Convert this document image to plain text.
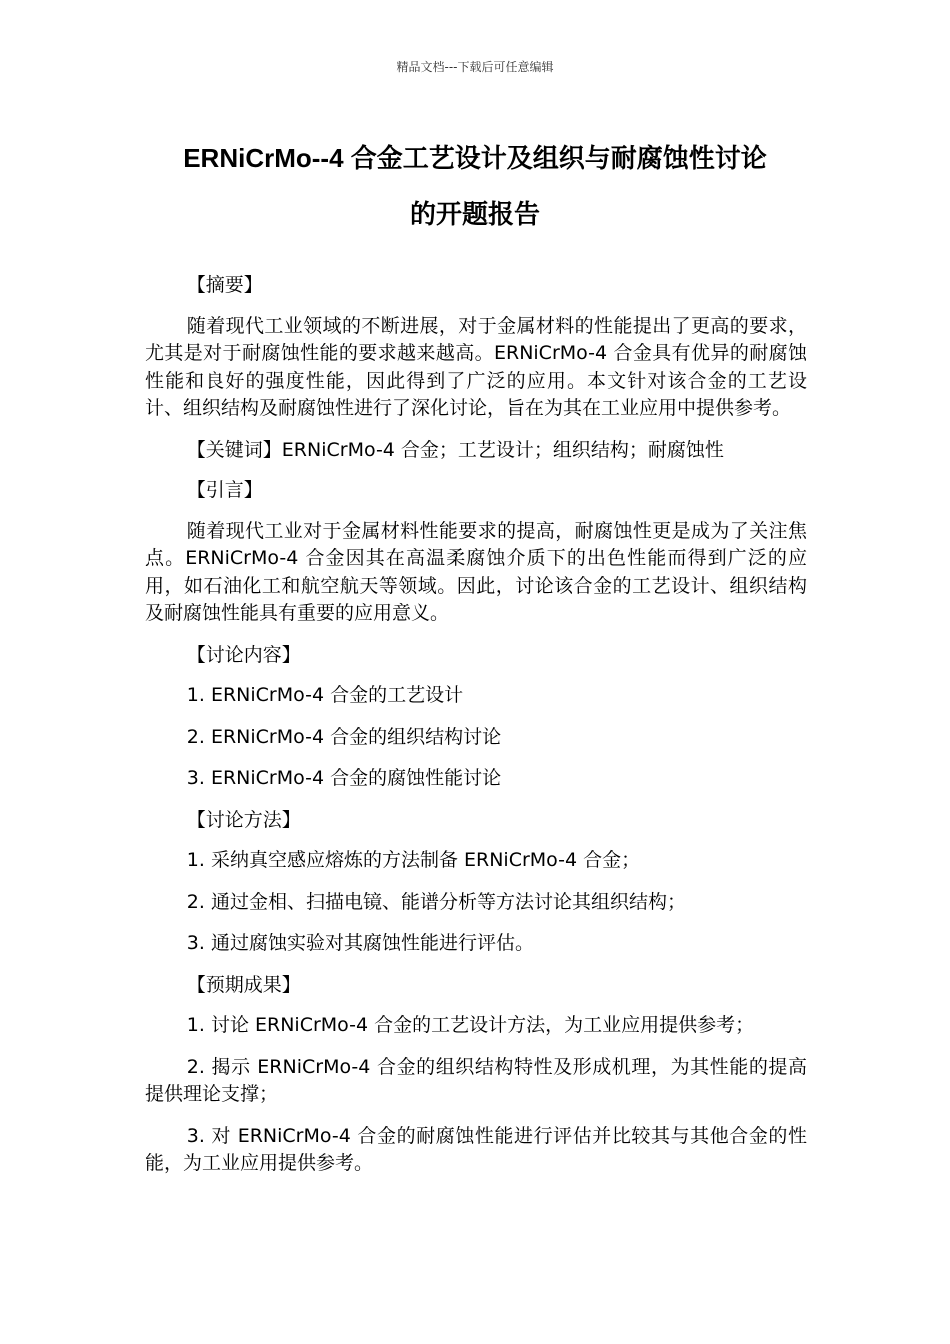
精品文档---下载后可任意编辑
ERNiCrMo--4 合金工艺设计及组织与耐腐蚀性讨论
的开题报告

【摘要】

随着现代工业领域的不断进展，对于金属材料的性能提出了更高的要求，尤其是对于耐腐蚀性能的要求越来越高。ERNiCrMo-4 合金具有优异的耐腐蚀性能和良好的强度性能，因此得到了广泛的应用。本文针对该合金的工艺设计、组织结构及耐腐蚀性进行了深化讨论，旨在为其在工业应用中提供参考。

【关键词】ERNiCrMo-4 合金；工艺设计；组织结构；耐腐蚀性

【引言】

随着现代工业对于金属材料性能要求的提高，耐腐蚀性更是成为了关注焦点。ERNiCrMo-4 合金因其在高温柔腐蚀介质下的出色性能而得到广泛的应用，如石油化工和航空航天等领域。因此，讨论该合金的工艺设计、组织结构及耐腐蚀性能具有重要的应用意义。

【讨论内容】

1. ERNiCrMo-4 合金的工艺设计

2. ERNiCrMo-4 合金的组织结构讨论

3. ERNiCrMo-4 合金的腐蚀性能讨论

【讨论方法】

1. 采纳真空感应熔炼的方法制备 ERNiCrMo-4 合金；

2. 通过金相、扫描电镜、能谱分析等方法讨论其组织结构；

3. 通过腐蚀实验对其腐蚀性能进行评估。

【预期成果】

1. 讨论 ERNiCrMo-4 合金的工艺设计方法，为工业应用提供参考；

2. 揭示 ERNiCrMo-4 合金的组织结构特性及形成机理，为其性能的提高提供理论支撑；

3. 对 ERNiCrMo-4 合金的耐腐蚀性能进行评估并比较其与其他合金的性能，为工业应用提供参考。
